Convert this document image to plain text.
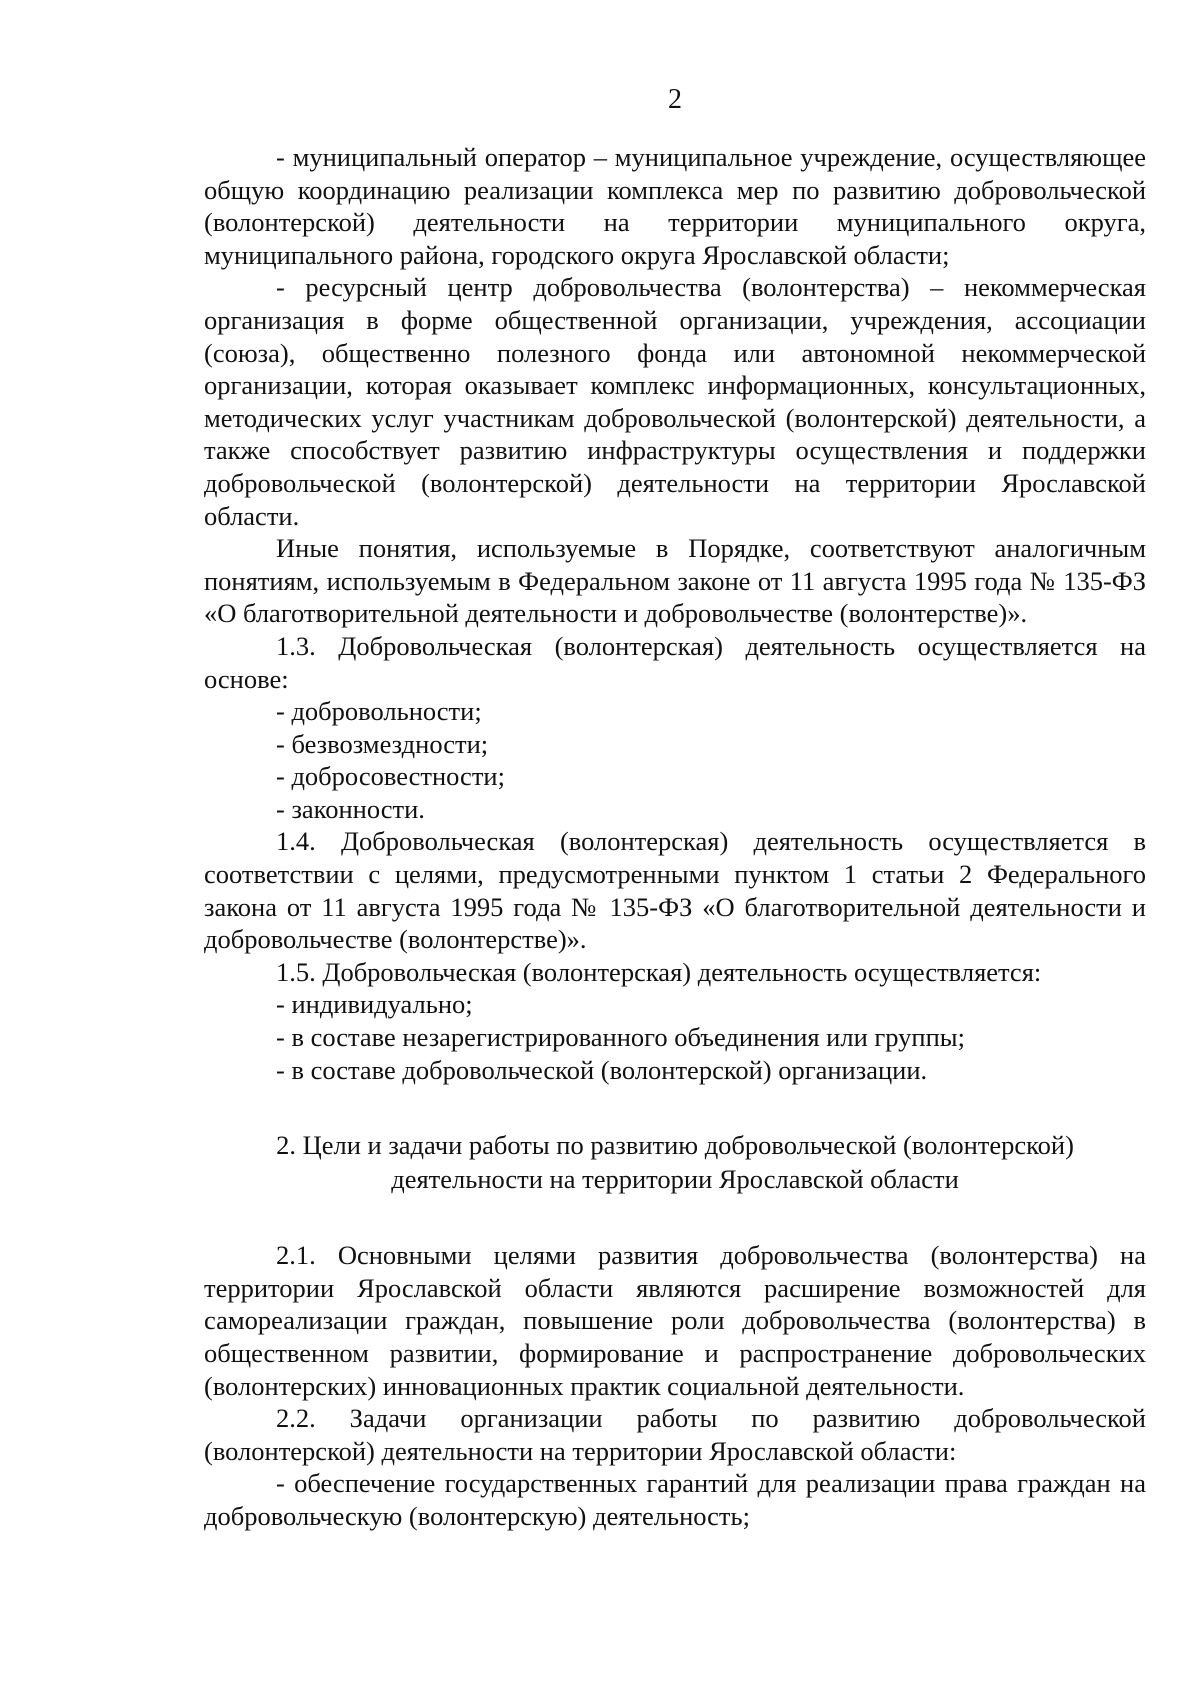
2

- муниципальный оператор – муниципальное учреждение, осуществляющее общую координацию реализации комплекса мер по развитию добровольческой (волонтерской) деятельности на территории муниципального округа, муниципального района, городского округа Ярославской области;

- ресурсный центр добровольчества (волонтерства) – некоммерческая организация в форме общественной организации, учреждения, ассоциации (союза), общественно полезного фонда или автономной некоммерческой организации, которая оказывает комплекс информационных, консультационных, методических услуг участникам добровольческой (волонтерской) деятельности, а также способствует развитию инфраструктуры осуществления и поддержки добровольческой (волонтерской) деятельности на территории Ярославской области.

Иные понятия, используемые в Порядке, соответствуют аналогичным понятиям, используемым в Федеральном законе от 11 августа 1995 года № 135-ФЗ «О благотворительной деятельности и добровольчестве (волонтерстве)».

1.3. Добровольческая (волонтерская) деятельность осуществляется на основе:

- добровольности;

- безвозмездности;

- добросовестности;

- законности.

1.4. Добровольческая (волонтерская) деятельность осуществляется в соответствии с целями, предусмотренными пунктом 1 статьи 2 Федерального закона от 11 августа 1995 года № 135-ФЗ «О благотворительной деятельности и добровольчестве (волонтерстве)».

1.5. Добровольческая (волонтерская) деятельность осуществляется:

- индивидуально;

- в составе незарегистрированного объединения или группы;

- в составе добровольческой (волонтерской) организации.

2. Цели и задачи работы по развитию добровольческой (волонтерской)
деятельности на территории Ярославской области

2.1. Основными целями развития добровольчества (волонтерства) на территории Ярославской области являются расширение возможностей для самореализации граждан, повышение роли добровольчества (волонтерства) в общественном развитии, формирование и распространение добровольческих (волонтерских) инновационных практик социальной деятельности.

2.2. Задачи организации работы по развитию добровольческой (волонтерской) деятельности на территории Ярославской области:

- обеспечение государственных гарантий для реализации права граждан на добровольческую (волонтерскую) деятельность;
